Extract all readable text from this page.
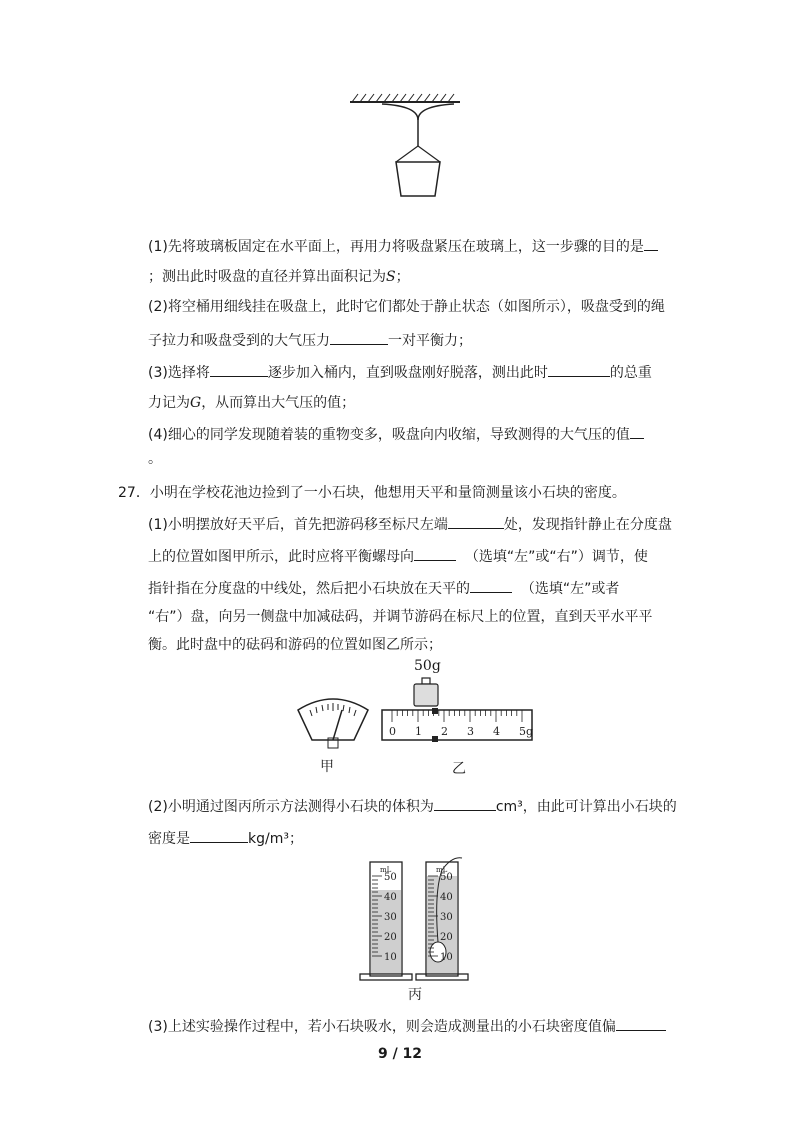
(1)先将玻璃板固定在水平面上，再用力将吸盘紧压在玻璃上，这一步骤的目的是
；测出此时吸盘的直径并算出面积记为S；
(2)将空桶用细线挂在吸盘上，此时它们都处于静止状态（如图所示），吸盘受到的绳
子拉力和吸盘受到的大气压力	一对平衡力；
(3)选择将	逐步加入桶内，直到吸盘刚好脱落，测出此时	的总重
力记为G，从而算出大气压的值；
(4)细心的同学发现随着装的重物变多，吸盘向内收缩，导致测得的大气压的值
。
27．小明在学校花池边捡到了一小石块，他想用天平和量筒测量该小石块的密度。
(1)小明摆放好天平后，首先把游码移至标尺左端	处，发现指针静止在分度盘
上的位置如图甲所示，此时应将平衡螺母向	（选填“左”或“右”）调节，使
指针指在分度盘的中线处，然后把小石块放在天平的	（选填“左”或者
“右”）盘，向另一侧盘中加减砝码，并调节游码在标尺上的位置，直到天平水平平
衡。此时盘中的砝码和游码的位置如图乙所示；
甲
50g
0 1 2 3 4 5g
乙
(2)小明通过图丙所示方法测得小石块的体积为	cm³，由此可计算出小石块的
密度是	kg/m³；
mL
50
40
30
20
10
mL
50
40
30
20
10
丙
(3)上述实验操作过程中，若小石块吸水，则会造成测量出的小石块密度值偏
9 / 12
